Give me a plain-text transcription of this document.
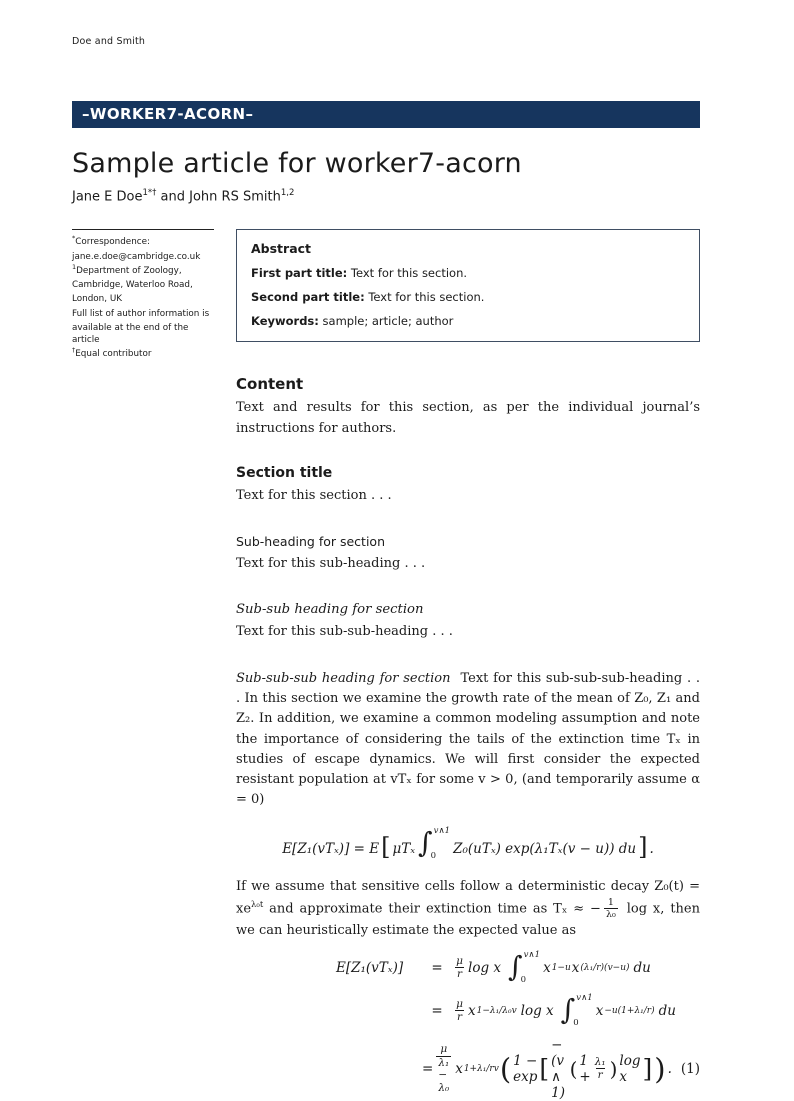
Doe and Smith
–WORKER7-ACORN–
Sample article for worker7-acorn
Jane E Doe$^{1*\dagger}$ and John RS Smith$^{1,2}$
*Correspondence:
jane.e.doe@cambridge.co.uk
$^1$Department of Zoology,
Cambridge, Waterloo Road,
London, UK
Full list of author information is
available at the end of the article
†Equal contributor
Abstract
First part title: Text for this section.
Second part title: Text for this section.
Keywords: sample; article; author
Content

Text and results for this section, as per the individual journal’s instructions for authors.

Section title

Text for this section . . .

Sub-heading for section

Text for this sub-heading . . .

Sub-sub heading for section

Text for this sub-sub-heading . . .

Sub-sub-sub heading for section Text for this sub-sub-sub-heading . . . In this section we examine the growth rate of the mean of Z₀, Z₁ and Z₂. In addition, we examine a common modeling assumption and note the importance of considering the tails of the extinction time Tₓ in studies of escape dynamics. We will first consider the expected resistant population at vTₓ for some v > 0, (and temporarily assume α = 0)

E[Z₁(vTₓ)] = E[ μTₓ ∫ v∧1
0 Z₀(uTₓ) exp(λ₁Tₓ(v − u)) du] .

If we assume that sensitive cells follow a deterministic decay $Z_0(t) = xe^{\lambda_0t}$ and approximate their extinction time as Tₓ ≈ − $\frac{1}{\text{λ₀}}$ log x, then we can heuristically estimate the expected value as

E[Z₁(vTₓ)]	=	$\frac{\mu}{r}$ log x ∫ v∧1
0
x 1−u x (λ₁/r)(v−u) du
=	$\frac{\mu}{r}$ x 1−λ₁/λ₀v log x ∫ v∧1
0
x −u(1+λ₁/r) du
= $\frac{\mu}{\text{λ₁ − λ₀}}$ x 1+λ₁/rv ( 1 − exp [
−(v ∧ 1)
( $1 + \frac{\text{λ₁}}{r}$ ) log x ] ) . (1)
